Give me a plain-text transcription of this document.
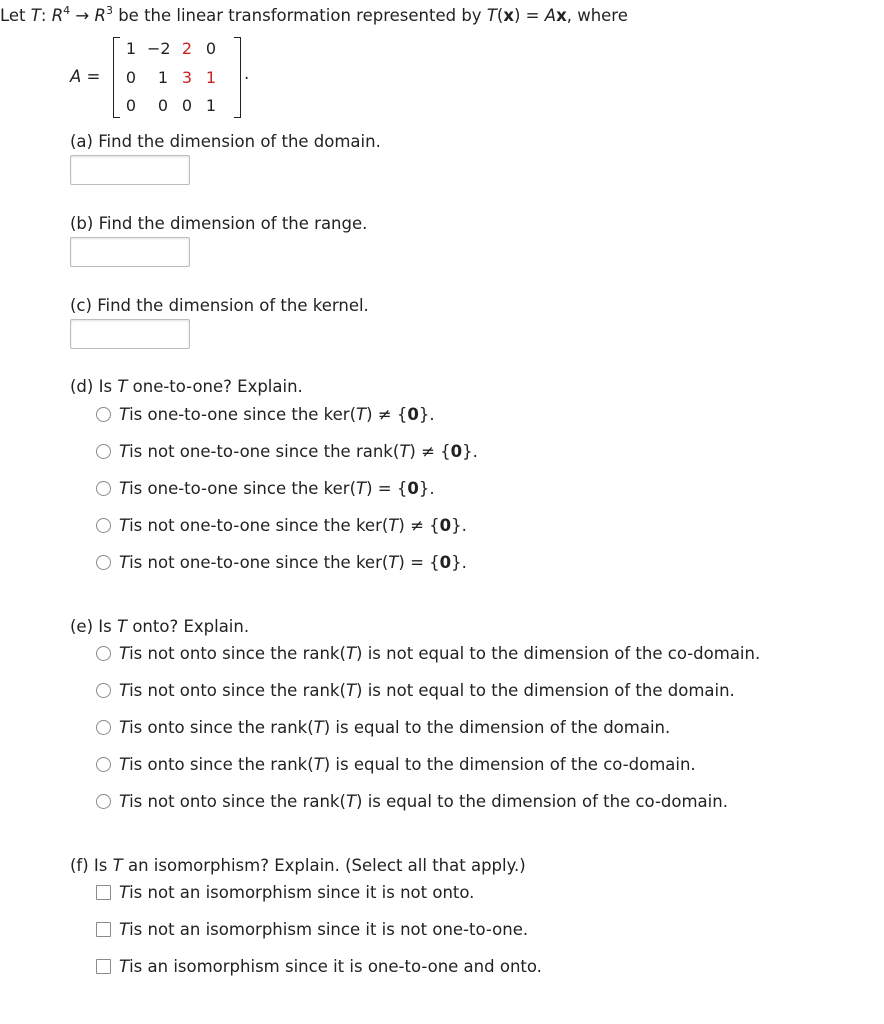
Let T: $R^4 \to R^3$ be the linear transformation represented by T(x) = Ax, where
A =
1 −2 2 0
0	1 3 1
0	0 0 1
.
(a) Find the dimension of the domain.
(b) Find the dimension of the range.
(c) Find the dimension of the kernel.
(d) Is T one-to-one? Explain.
T is one-to-one since the ker( T ) ≠ { 0 }.
T is not one-to-one since the rank( T ) ≠ { 0 }.
T is one-to-one since the ker( T ) = { 0 }.
T is not one-to-one since the ker( T ) ≠ { 0 }.
T is not one-to-one since the ker( T ) = { 0 }.
(e) Is T onto? Explain.
T is not onto since the rank( T ) is not equal to the dimension of the co-domain.
T is not onto since the rank( T ) is not equal to the dimension of the domain.
T is onto since the rank( T ) is equal to the dimension of the domain.
T is onto since the rank( T ) is equal to the dimension of the co-domain.
T is not onto since the rank( T ) is equal to the dimension of the co-domain.
(f) Is T an isomorphism? Explain. (Select all that apply.)
T is not an isomorphism since it is not onto.
T is not an isomorphism since it is not one-to-one.
T is an isomorphism since it is one-to-one and onto.
